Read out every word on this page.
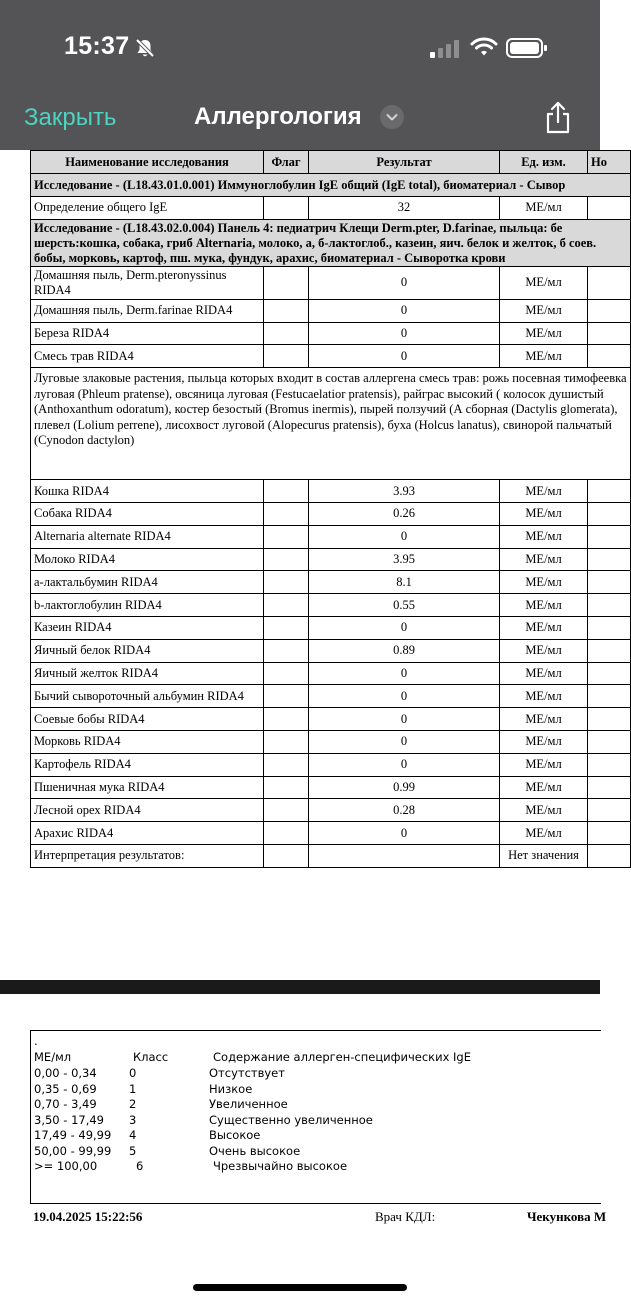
15:37
Закрыть	Аллергология
Наименование исследования	Флаг	Результат	Ед. изм.	Но
Исследование - (L18.43.01.0.001) Иммуноглобулин IgE общий (IgE total), биоматериал - Сывор				
Определение общего IgE		32	МЕ/мл	
Исследование - (L18.43.02.0.004) Панель 4: педиатрич Клещи Derm.pter, D.farinae, пыльца: бе шерсть:кошка, собака, гриб Alternaria, молоко, а, б-лактоглоб., казеин, яич. белок и желток, б соев. бобы, морковь, картоф, пш. мука, фундук, арахис, биоматериал - Сыворотка крови				
Домашняя пыль, Derm.pteronyssinus RIDA4		0	МЕ/мл	
Домашняя пыль, Derm.farinae RIDA4		0	МЕ/мл	
Береза RIDA4		0	МЕ/мл	
Смесь трав RIDA4		0	МЕ/мл	
Луговые злаковые растения, пыльца которых входит в состав аллергена смесь трав: рожь посевная тимофеевка луговая (Phleum pratense), овсяница луговая (Festucaelatior pratensis), райграс высокий ( колосок душистый (Anthoxanthum odoratum), костер безостый (Bromus inermis), пырей ползучий (А сборная (Dactylis glomerata), плевел (Lolium perrene), лисохвост луговой (Alopecurus pratensis), буха (Holcus lanatus), свинорой пальчатый (Cynodon dactylon)				
Кошка RIDA4		3.93	МЕ/мл	
Собака RIDA4		0.26	МЕ/мл	
Alternaria alternate RIDA4		0	МЕ/мл	
Молоко RIDA4		3.95	МЕ/мл	
a-лактальбумин RIDA4		8.1	МЕ/мл	
b-лактоглобулин RIDA4		0.55	МЕ/мл	
Казеин RIDA4		0	МЕ/мл	
Яичный белок RIDA4		0.89	МЕ/мл	
Яичный желток RIDA4		0	МЕ/мл	
Бычий сывороточный альбумин RIDA4		0	МЕ/мл	
Соевые бобы RIDA4		0	МЕ/мл	
Морковь RIDA4		0	МЕ/мл	
Картофель RIDA4		0	МЕ/мл	
Пшеничная мука RIDA4		0.99	МЕ/мл	
Лесной орех RIDA4		0.28	МЕ/мл	
Арахис RIDA4		0	МЕ/мл	
Интерпретация результатов:			Нет значения	
.
МЕ/мл	Класс	Содержание аллерген-специфических IgE
0,00 - 0,34	0	Отсутствует
0,35 - 0,69	1	Низкое
0,70 - 3,49	2	Увеличенное
3,50 - 17,49 3	Существенно увеличенное
17,49 - 49,99 4	Высокое
50,00 - 99,99 5	Очень высокое
>= 100,00	6	Чрезвычайно высокое
19.04.2025 15:22:56	Врач КДЛ:	Чекункова М
